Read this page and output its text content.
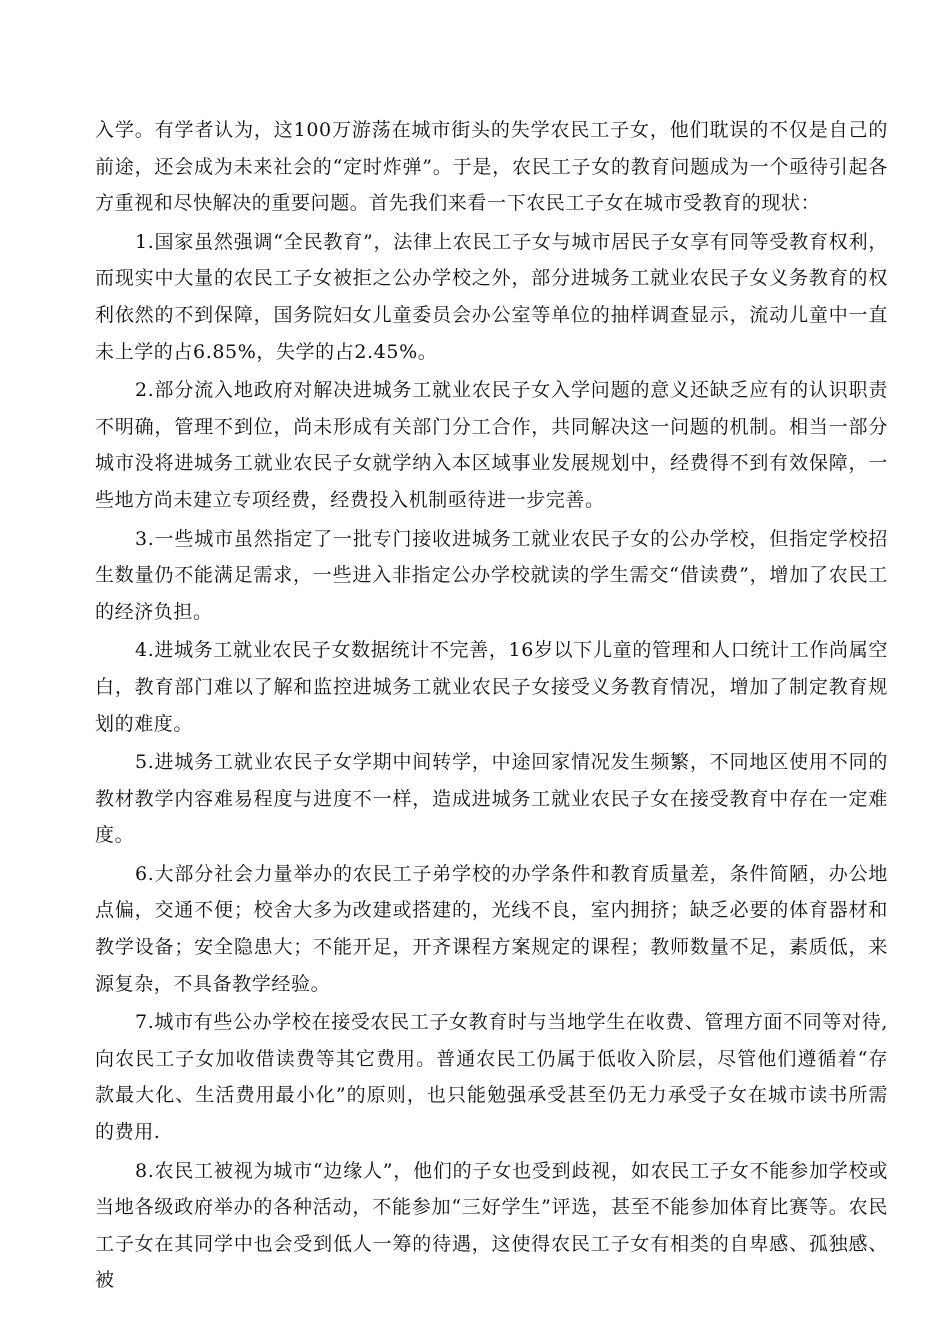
入学。有学者认为，这100万游荡在城市街头的失学农民工子女，他们耽误的不仅是自己的前途，还会成为未来社会的“定时炸弹”。于是，农民工子女的教育问题成为一个亟待引起各方重视和尽快解决的重要问题。首先我们来看一下农民工子女在城市受教育的现状：

1.国家虽然强调“全民教育”，法律上农民工子女与城市居民子女享有同等受教育权利，而现实中大量的农民工子女被拒之公办学校之外，部分进城务工就业农民子女义务教育的权利依然的不到保障，国务院妇女儿童委员会办公室等单位的抽样调查显示，流动儿童中一直未上学的占6.85%，失学的占2.45%。

2.部分流入地政府对解决进城务工就业农民子女入学问题的意义还缺乏应有的认识职责不明确，管理不到位，尚未形成有关部门分工合作，共同解决这一问题的机制。相当一部分城市没将进城务工就业农民子女就学纳入本区域事业发展规划中，经费得不到有效保障，一些地方尚未建立专项经费，经费投入机制亟待进一步完善。

3.一些城市虽然指定了一批专门接收进城务工就业农民子女的公办学校，但指定学校招生数量仍不能满足需求，一些进入非指定公办学校就读的学生需交“借读费”，增加了农民工的经济负担。

4.进城务工就业农民子女数据统计不完善，16岁以下儿童的管理和人口统计工作尚属空白，教育部门难以了解和监控进城务工就业农民子女接受义务教育情况，增加了制定教育规划的难度。

5.进城务工就业农民子女学期中间转学，中途回家情况发生频繁，不同地区使用不同的教材教学内容难易程度与进度不一样，造成进城务工就业农民子女在接受教育中存在一定难度。

6.大部分社会力量举办的农民工子弟学校的办学条件和教育质量差，条件简陋，办公地点偏，交通不便；校舍大多为改建或搭建的，光线不良，室内拥挤；缺乏必要的体育器材和教学设备；安全隐患大；不能开足，开齐课程方案规定的课程；教师数量不足，素质低，来源复杂，不具备教学经验。

7.城市有些公办学校在接受农民工子女教育时与当地学生在收费、管理方面不同等对待,向农民工子女加收借读费等其它费用。普通农民工仍属于低收入阶层，尽管他们遵循着“存款最大化、生活费用最小化”的原则，也只能勉强承受甚至仍无力承受子女在城市读书所需的费用.

8.农民工被视为城市“边缘人”，他们的子女也受到歧视，如农民工子女不能参加学校或当地各级政府举办的各种活动，不能参加“三好学生”评选，甚至不能参加体育比赛等。农民工子女在其同学中也会受到低人一筹的待遇，这使得农民工子女有相类的自卑感、孤独感、被
